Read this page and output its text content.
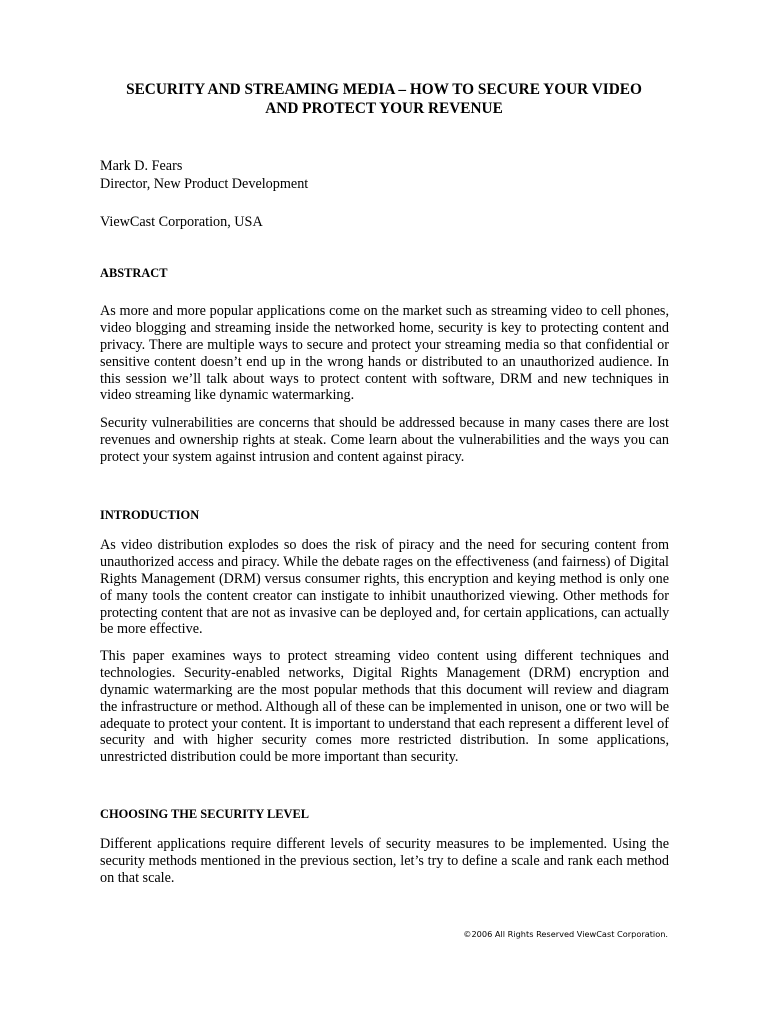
SECURITY AND STREAMING MEDIA – HOW TO SECURE YOUR VIDEO
AND PROTECT YOUR REVENUE
Mark D. Fears
Director, New Product Development
ViewCast Corporation, USA
ABSTRACT
As more and more popular applications come on the market such as streaming video to cell phones,
video blogging and streaming inside the networked home, security is key to protecting content and
privacy. There are multiple ways to secure and protect your streaming media so that confidential or
sensitive content doesn’t end up in the wrong hands or distributed to an unauthorized audience. In
this session we’ll talk about ways to protect content with software, DRM and new techniques in
video streaming like dynamic watermarking.
Security vulnerabilities are concerns that should be addressed because in many cases there are lost
revenues and ownership rights at steak. Come learn about the vulnerabilities and the ways you can
protect your system against intrusion and content against piracy.
INTRODUCTION
As video distribution explodes so does the risk of piracy and the need for securing content from
unauthorized access and piracy. While the debate rages on the effectiveness (and fairness) of Digital
Rights Management (DRM) versus consumer rights, this encryption and keying method is only one
of many tools the content creator can instigate to inhibit unauthorized viewing. Other methods for
protecting content that are not as invasive can be deployed and, for certain applications, can actually
be more effective.
This paper examines ways to protect streaming video content using different techniques and
technologies. Security-enabled networks, Digital Rights Management (DRM) encryption and
dynamic watermarking are the most popular methods that this document will review and diagram
the infrastructure or method. Although all of these can be implemented in unison, one or two will be
adequate to protect your content. It is important to understand that each represent a different level of
security and with higher security comes more restricted distribution. In some applications,
unrestricted distribution could be more important than security.
CHOOSING THE SECURITY LEVEL
Different applications require different levels of security measures to be implemented. Using the
security methods mentioned in the previous section, let’s try to define a scale and rank each method
on that scale.
©2006 All Rights Reserved ViewCast Corporation.
